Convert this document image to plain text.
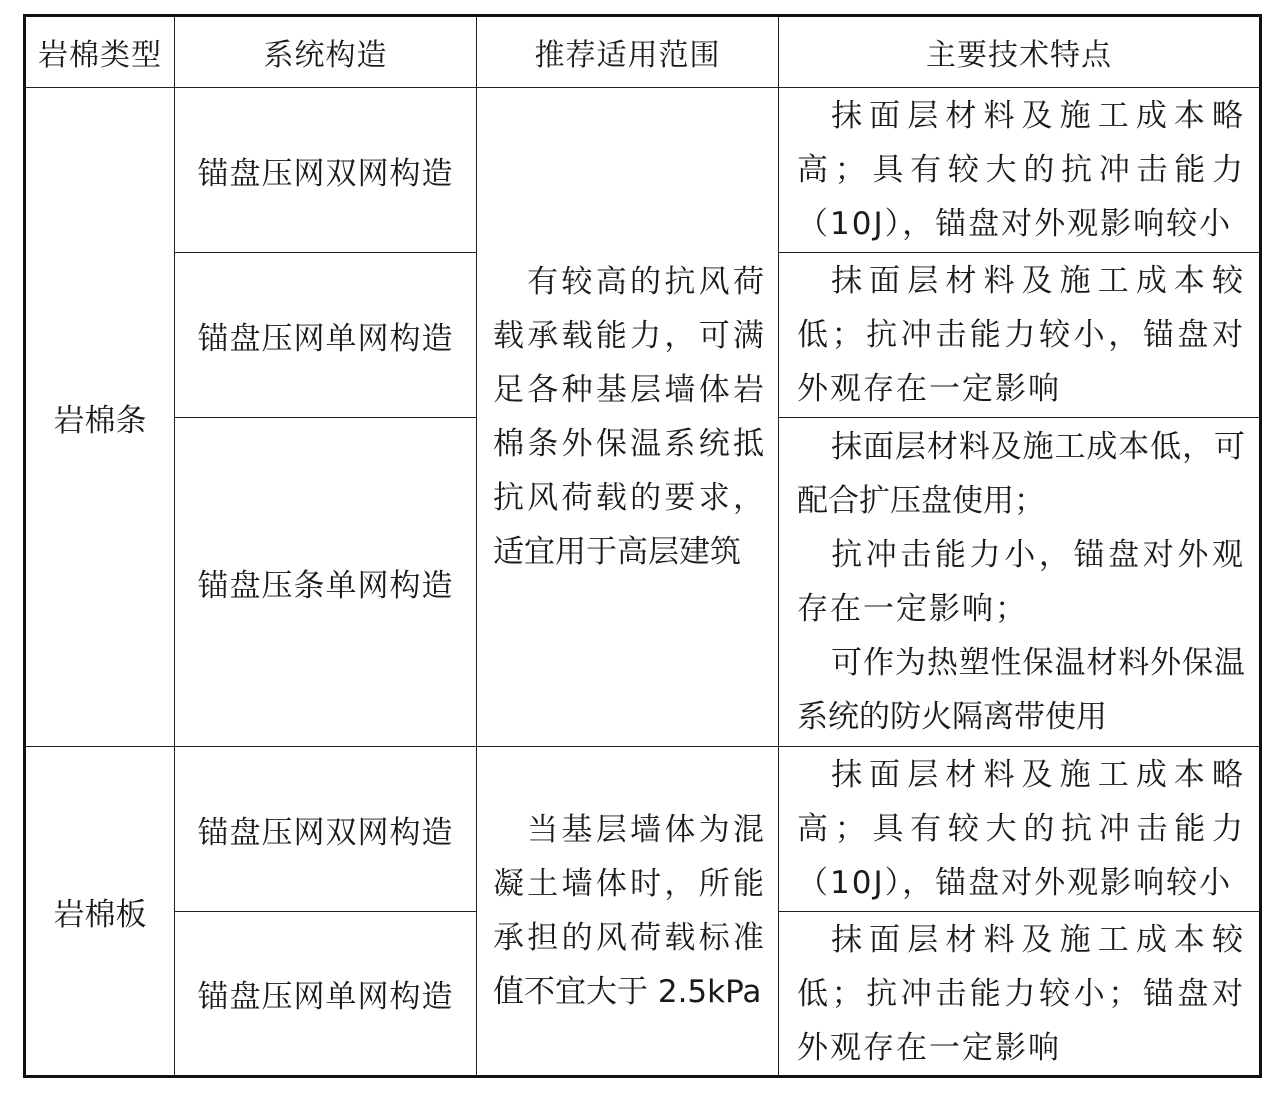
岩棉类型	系统构造	推荐适用范围	主要技术特点
岩棉条	锚盘压网双网构造	有较高的抗风荷载承载能力，可满足各种基层墙体岩棉条外保温系统抵抗风荷载的要求，适宜用于高层建筑	抹面层材料及施工成本略高；具有较大的抗冲击能力（10J），锚盘对外观影响较小

	锚盘压网单网构造		抹面层材料及施工成本较低；抗冲击能力较小，锚盘对外观存在一定影响

	锚盘压条单网构造		抹面层材料及施工成本低，可配合扩压盘使用；

抗冲击能力小，锚盘对外观存在一定影响；

可作为热塑性保温材料外保温系统的防火隔离带使用

岩棉板	锚盘压网双网构造	当基层墙体为混凝土墙体时，所能承担的风荷载标准值不宜大于 2.5kPa	抹面层材料及施工成本略高；具有较大的抗冲击能力（10J），锚盘对外观影响较小

	锚盘压网单网构造		抹面层材料及施工成本较低；抗冲击能力较小；锚盘对外观存在一定影响
